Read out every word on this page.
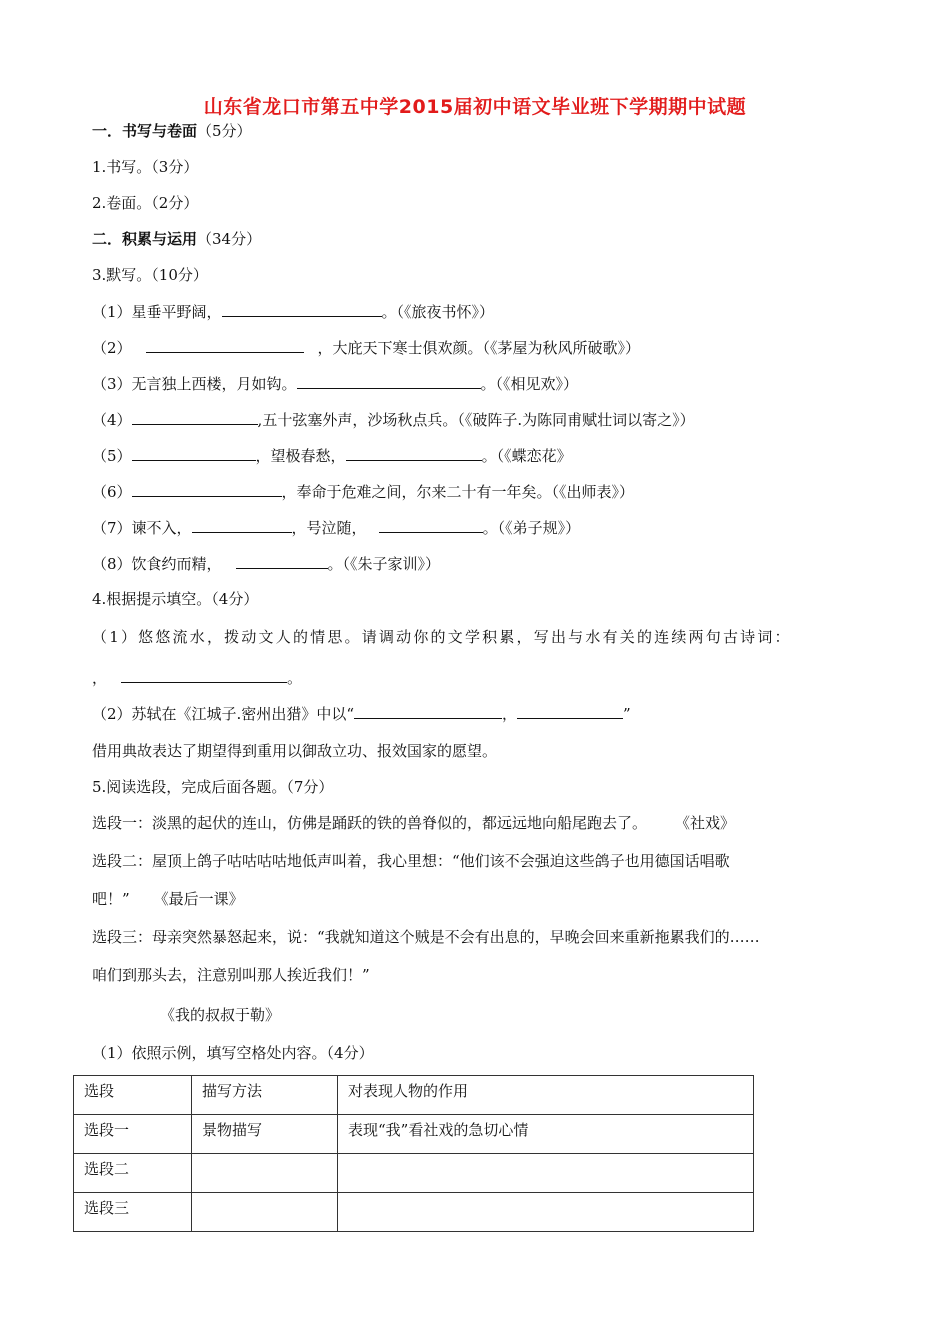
山东省龙口市第五中学2015届初中语文毕业班下学期期中试题
一．书写与卷面（5分）
1.书写。（3分）
2.卷面。（2分）
二．积累与运用（34分）
3.默写。（10分）
（1）星垂平野阔，	。（《旅夜书怀》）
（2）	，大庇天下寒士俱欢颜。（《茅屋为秋风所破歌》）
（3）无言独上西楼，月如钩。	。（《相见欢》）
（4）	,五十弦塞外声，沙场秋点兵。（《破阵子.为陈同甫赋壮词以寄之》）
（5）	，望极春愁，	。（《蝶恋花》
（6）	，奉命于危难之间，尔来二十有一年矣。（《出师表》）
（7）谏不入，	，号泣随，	。（《弟子规》）
（8）饮食约而精，	。（《朱子家训》）
4.根据提示填空。（4分）
（1）悠悠流水，拨动文人的情思。请调动你的文学积累，写出与水有关的连续两句古诗词：
，	。
（2）苏轼在《江城子.密州出猎》中以“	，	”
借用典故表达了期望得到重用以御敌立功、报效国家的愿望。
5.阅读选段，完成后面各题。（7分）
选段一：淡黑的起伏的连山，仿佛是踊跃的铁的兽脊似的，都远远地向船尾跑去了。 《社戏》
选段二：屋顶上鸽子咕咕咕咕地低声叫着，我心里想：“他们该不会强迫这些鸽子也用德国话唱歌
吧！” 《最后一课》
选段三：母亲突然暴怒起来，说：“我就知道这个贼是不会有出息的，早晚会回来重新拖累我们的……
咱们到那头去，注意别叫那人挨近我们！”
《我的叔叔于勒》
（1）依照示例，填写空格处内容。（4分）
选段	描写方法	对表现人物的作用
选段一	景物描写	表现“我”看社戏的急切心情
选段二		
选段三		
